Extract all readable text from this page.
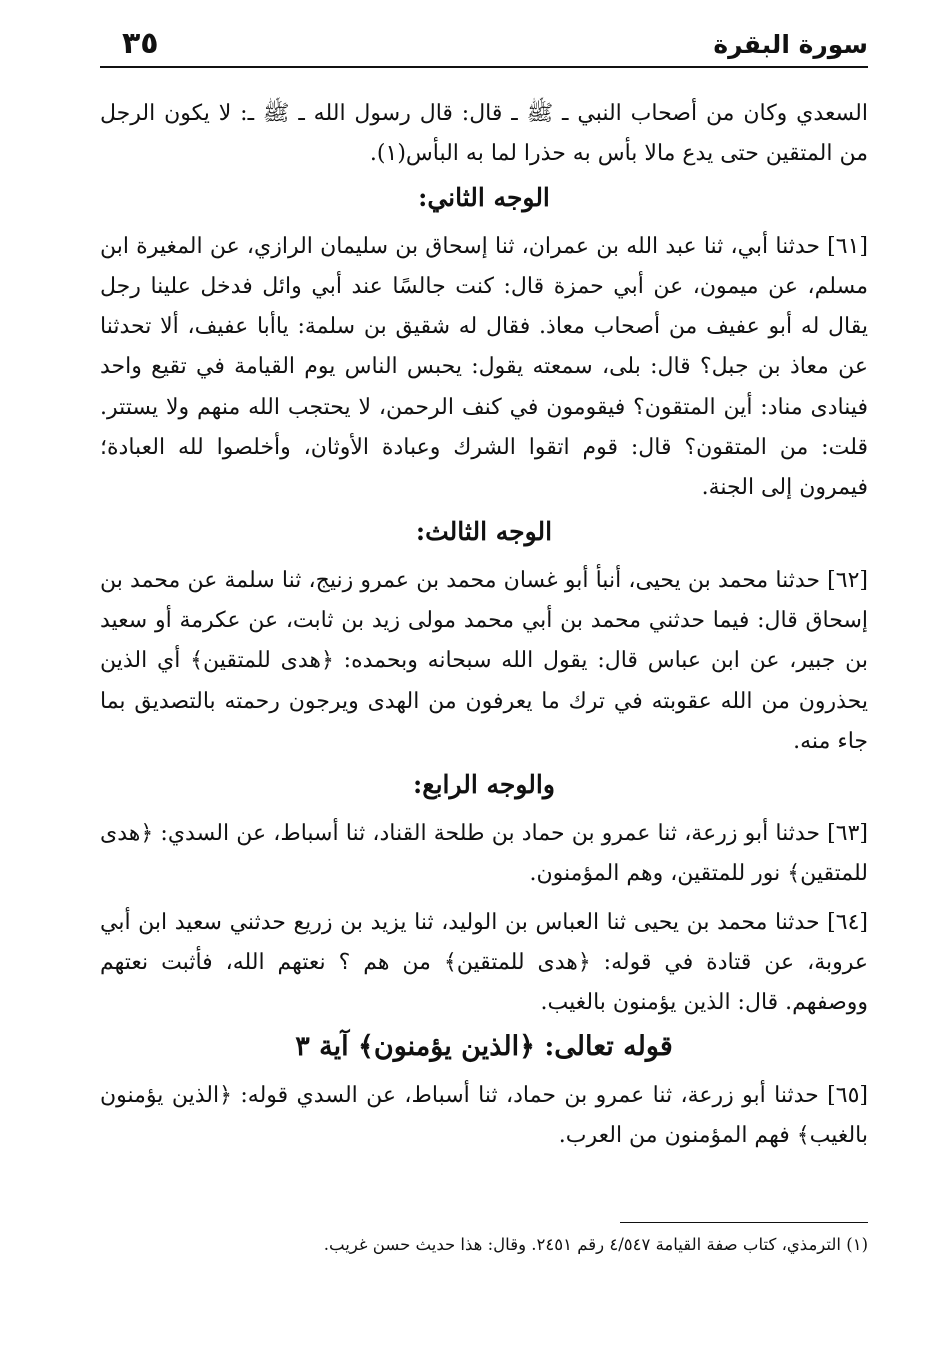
٣٥	سورة البقرة

السعدي وكان من أصحاب النبي ـ ﷺ ـ قال: قال رسول الله ـ ﷺ ـ: لا يكون الرجل من المتقين حتى يدع مالا بأس به حذرا لما به البأس(١).

الوجه الثاني:

[٦١] حدثنا أبي، ثنا عبد الله بن عمران، ثنا إسحاق بن سليمان الرازي، عن المغيرة ابن مسلم، عن ميمون، عن أبي حمزة قال: كنت جالسًا عند أبي وائل فدخل علينا رجل يقال له أبو عفيف من أصحاب معاذ. فقال له شقيق بن سلمة: ياأبا عفيف، ألا تحدثنا عن معاذ بن جبل؟ قال: بلى، سمعته يقول: يحبس الناس يوم القيامة في تقيع واحد فينادى مناد: أين المتقون؟ فيقومون في كنف الرحمن، لا يحتجب الله منهم ولا يستتر. قلت: من المتقون؟ قال: قوم اتقوا الشرك وعبادة الأوثان، وأخلصوا لله العبادة؛ فيمرون إلى الجنة.

الوجه الثالث:

[٦٢] حدثنا محمد بن يحيى، أنبأ أبو غسان محمد بن عمرو زنيج، ثنا سلمة عن محمد بن إسحاق قال: فيما حدثني محمد بن أبي محمد مولى زيد بن ثابت، عن عكرمة أو سعيد بن جبير، عن ابن عباس قال: يقول الله سبحانه وبحمده: ﴿هدى للمتقين﴾ أي الذين يحذرون من الله عقوبته في ترك ما يعرفون من الهدى ويرجون رحمته بالتصديق بما جاء منه.

والوجه الرابع:

[٦٣] حدثنا أبو زرعة، ثنا عمرو بن حماد بن طلحة القناد، ثنا أسباط، عن السدي: ﴿هدى للمتقين﴾ نور للمتقين، وهم المؤمنون.

[٦٤] حدثنا محمد بن يحيى ثنا العباس بن الوليد، ثنا يزيد بن زريع حدثني سعيد ابن أبي عروبة، عن قتادة في قوله: ﴿هدى للمتقين﴾ من هم ؟ نعتهم الله، فأثبت نعتهم ووصفهم. قال: الذين يؤمنون بالغيب.

قوله تعالى: ﴿الذين يؤمنون﴾ آية ٣

[٦٥] حدثنا أبو زرعة، ثنا عمرو بن حماد، ثنا أسباط، عن السدي قوله: ﴿الذين يؤمنون بالغيب﴾ فهم المؤمنون من العرب.

(١) الترمذي، كتاب صفة القيامة ٤/٥٤٧ رقم ٢٤٥١. وقال: هذا حديث حسن غريب.
